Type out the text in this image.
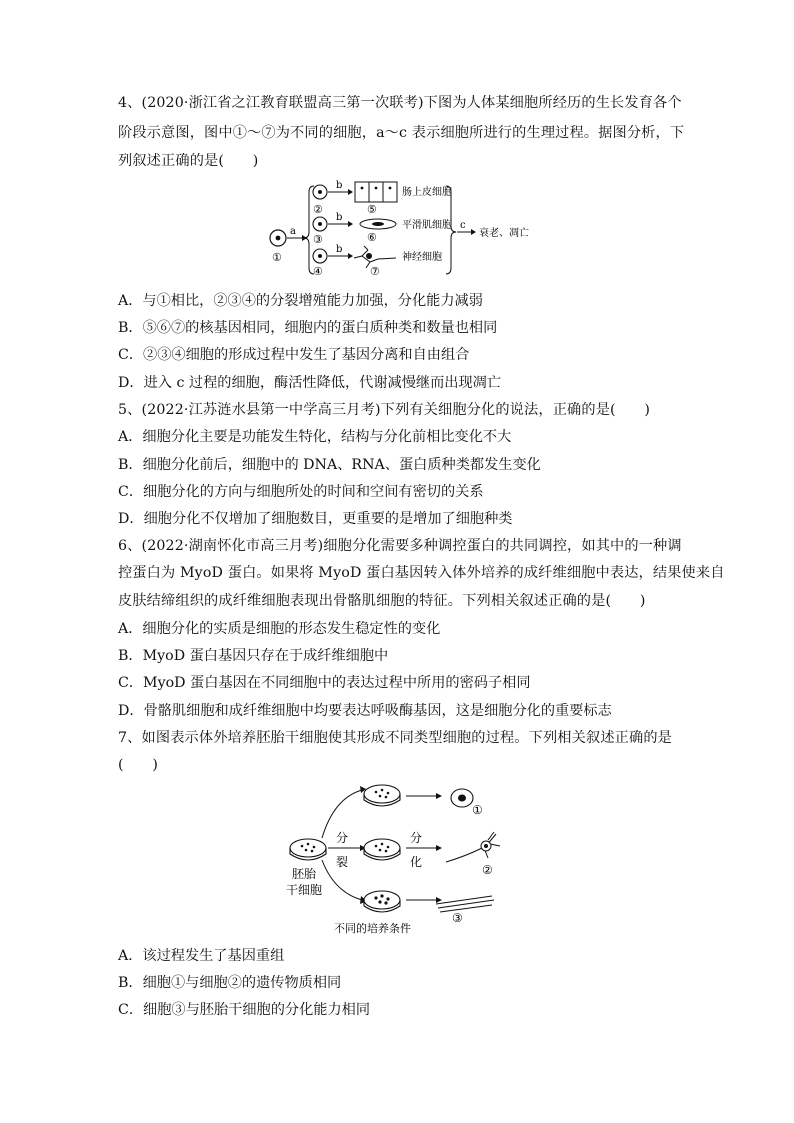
4、(2020·浙江省之江教育联盟高三第一次联考)下图为人体某细胞所经历的生长发育各个
阶段示意图，图中①～⑦为不同的细胞，a～c 表示细胞所进行的生理过程。据图分析，下
列叙述正确的是(　　)
①
a
②
b
肠上皮细胞
⑤
③
b
平滑肌细胞
⑥
④
b
神经细胞
⑦
c
衰老、凋亡
A．与①相比，②③④的分裂增殖能力加强，分化能力减弱
B．⑤⑥⑦的核基因相同，细胞内的蛋白质种类和数量也相同
C．②③④细胞的形成过程中发生了基因分离和自由组合
D．进入 c 过程的细胞，酶活性降低，代谢减慢继而出现凋亡
5、(2022·江苏涟水县第一中学高三月考)下列有关细胞分化的说法，正确的是(　　)
A．细胞分化主要是功能发生特化，结构与分化前相比变化不大
B．细胞分化前后，细胞中的 DNA、RNA、蛋白质种类都发生变化
C．细胞分化的方向与细胞所处的时间和空间有密切的关系
D．细胞分化不仅增加了细胞数目，更重要的是增加了细胞种类
6、(2022·湖南怀化市高三月考)细胞分化需要多种调控蛋白的共同调控，如其中的一种调
控蛋白为 MyoD 蛋白。如果将 MyoD 蛋白基因转入体外培养的成纤维细胞中表达，结果使来自
皮肤结缔组织的成纤维细胞表现出骨骼肌细胞的特征。下列相关叙述正确的是(　　)
A．细胞分化的实质是细胞的形态发生稳定性的变化
B．MyoD 蛋白基因只存在于成纤维细胞中
C．MyoD 蛋白基因在不同细胞中的表达过程中所用的密码子相同
D．骨骼肌细胞和成纤维细胞中均要表达呼吸酶基因，这是细胞分化的重要标志
7、如图表示体外培养胚胎干细胞使其形成不同类型细胞的过程。下列相关叙述正确的是
(　　)
胚胎
干细胞
分
裂
不同的培养条件
分
化
①
②
③
A．该过程发生了基因重组
B．细胞①与细胞②的遗传物质相同
C．细胞③与胚胎干细胞的分化能力相同
